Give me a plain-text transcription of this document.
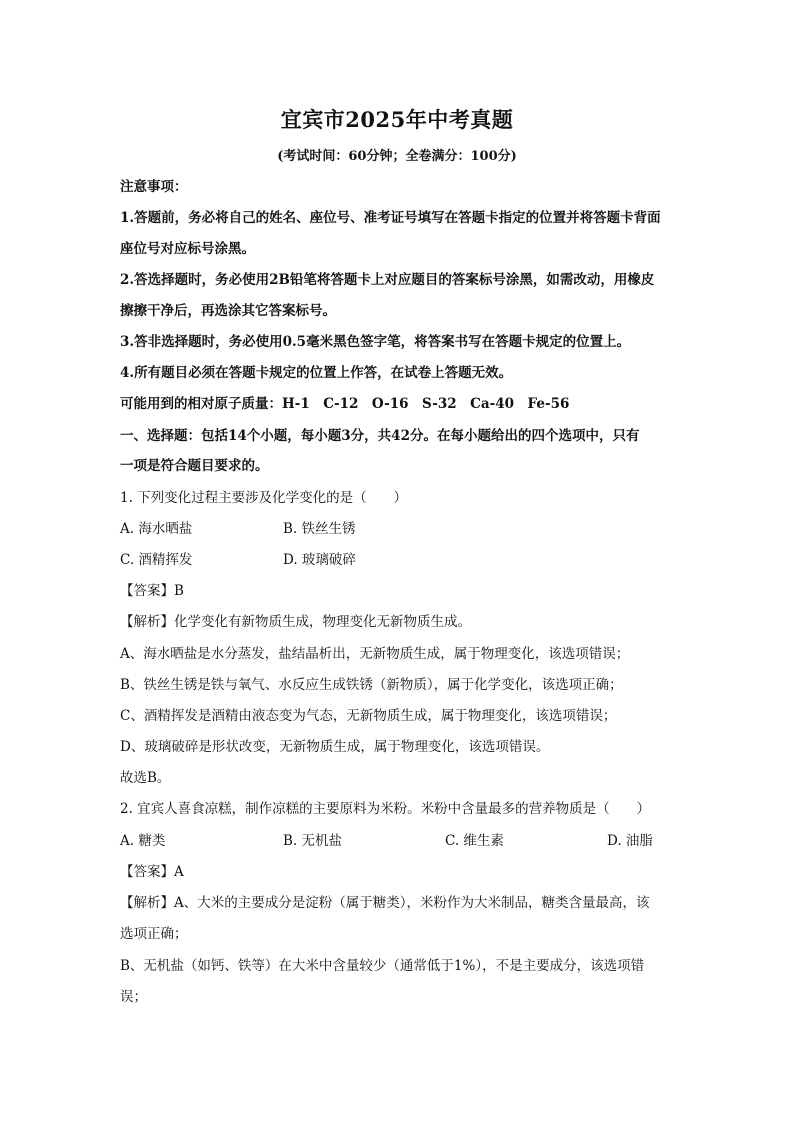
宜宾市2025年中考真题
(考试时间：60分钟；全卷满分：100分)
注意事项：
1.答题前，务必将自己的姓名、座位号、准考证号填写在答题卡指定的位置并将答题卡背面
座位号对应标号涂黑。
2.答选择题时，务必使用2B铅笔将答题卡上对应题目的答案标号涂黑，如需改动，用橡皮
擦擦干净后，再选涂其它答案标号。
3.答非选择题时，务必使用0.5毫米黑色签字笔，将答案书写在答题卡规定的位置上。
4.所有题目必须在答题卡规定的位置上作答，在试卷上答题无效。
可能用到的相对原子质量：H-1　C-12　O-16　S-32　Ca-40　Fe-56
一、选择题：包括14个小题，每小题3分，共42分。在每小题给出的四个选项中，只有
一项是符合题目要求的。
1. 下列变化过程主要涉及化学变化的是（　　）
A. 海水晒盐	B. 铁丝生锈
C. 酒精挥发	D. 玻璃破碎
【答案】B
【解析】化学变化有新物质生成，物理变化无新物质生成。
A、海水晒盐是水分蒸发，盐结晶析出，无新物质生成，属于物理变化，该选项错误；
B、铁丝生锈是铁与氧气、水反应生成铁锈（新物质），属于化学变化，该选项正确；
C、酒精挥发是酒精由液态变为气态，无新物质生成，属于物理变化，该选项错误；
D、玻璃破碎是形状改变，无新物质生成，属于物理变化，该选项错误。
故选B。
2. 宜宾人喜食凉糕，制作凉糕的主要原料为米粉。米粉中含量最多的营养物质是（　　）
A. 糖类	B. 无机盐	C. 维生素	D. 油脂
【答案】A
【解析】A、大米的主要成分是淀粉（属于糖类），米粉作为大米制品，糖类含量最高，该
选项正确；
B、无机盐（如钙、铁等）在大米中含量较少（通常低于1%），不是主要成分，该选项错
误；
